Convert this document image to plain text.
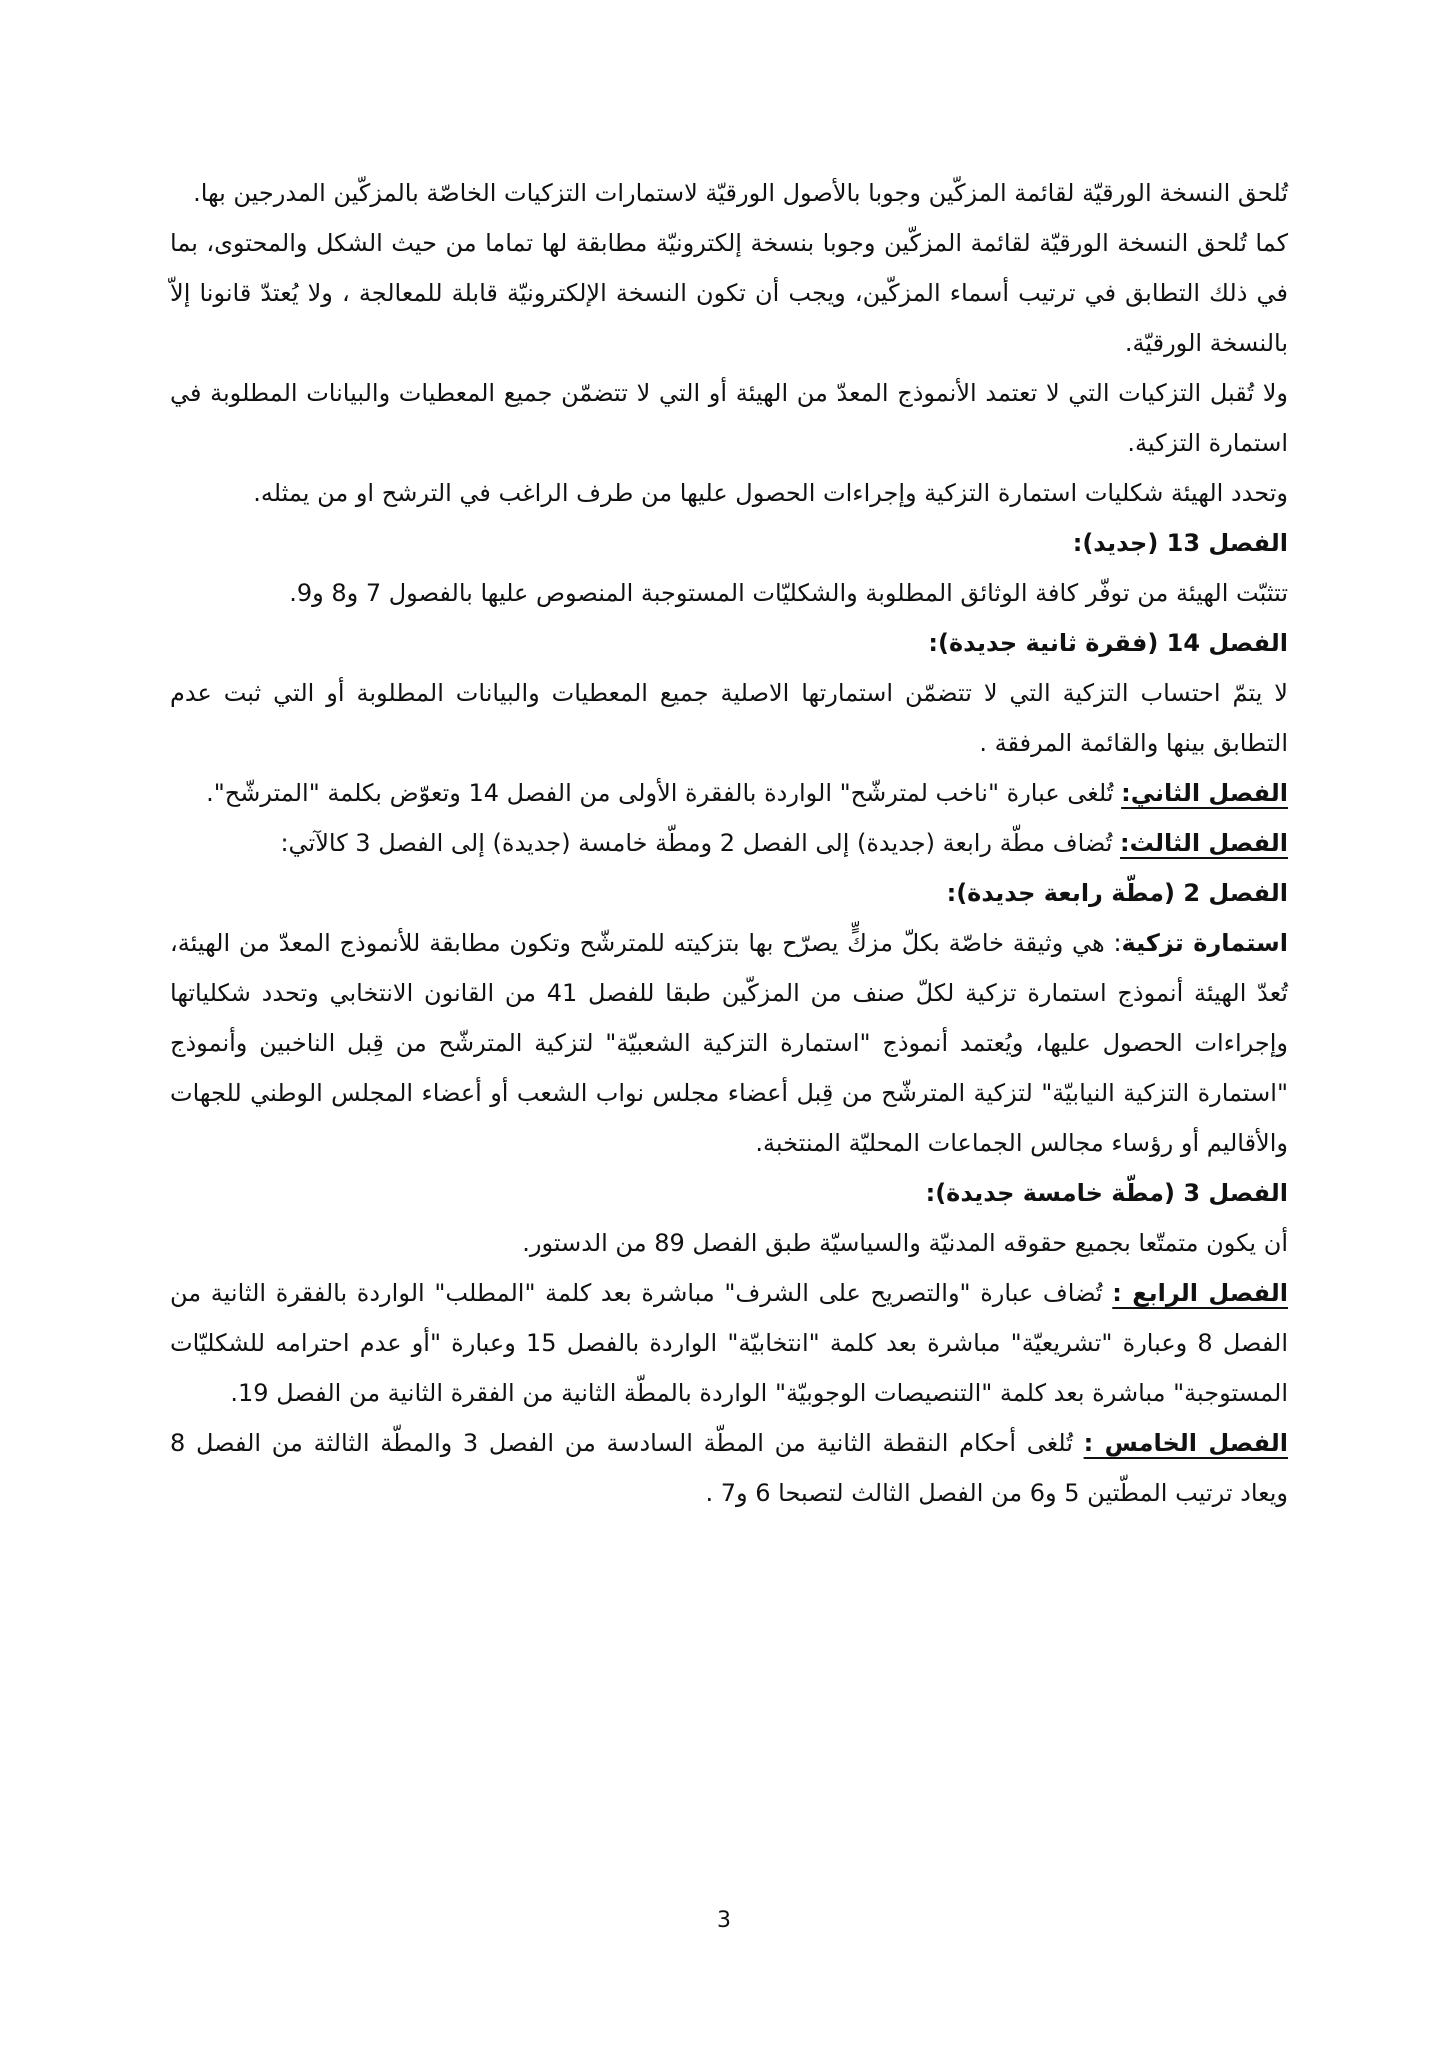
تُلحق النسخة الورقيّة لقائمة المزكّين وجوبا بالأصول الورقيّة لاستمارات التزكيات الخاصّة بالمزكّين المدرجين بها.

كما تُلحق النسخة الورقيّة لقائمة المزكّين وجوبا بنسخة إلكترونيّة مطابقة لها تماما من حيث الشكل والمحتوى، بما في ذلك التطابق في ترتيب أسماء المزكّين، ويجب أن تكون النسخة الإلكترونيّة قابلة للمعالجة ، ولا يُعتدّ قانونا إلاّ بالنسخة الورقيّة.

ولا تُقبل التزكيات التي لا تعتمد الأنموذج المعدّ من الهيئة أو التي لا تتضمّن جميع المعطيات والبيانات المطلوبة في استمارة التزكية.

وتحدد الهيئة شكليات استمارة التزكية وإجراءات الحصول عليها من طرف الراغب في الترشح او من يمثله.

الفصل 13 (جديد):

تتثبّت الهيئة من توفّر كافة الوثائق المطلوبة والشكليّات المستوجبة المنصوص عليها بالفصول 7 و8 و9.

الفصل 14 (فقرة ثانية جديدة):

لا يتمّ احتساب التزكية التي لا تتضمّن استمارتها الاصلية جميع المعطيات والبيانات المطلوبة أو التي ثبت عدم التطابق بينها والقائمة المرفقة .

الفصل الثاني: تُلغى عبارة "ناخب لمترشّح" الواردة بالفقرة الأولى من الفصل 14 وتعوّض بكلمة "المترشّح".

الفصل الثالث: تُضاف مطّة رابعة (جديدة) إلى الفصل 2 ومطّة خامسة (جديدة) إلى الفصل 3 كالآتي:

الفصل 2 (مطّة رابعة جديدة):

استمارة تزكية: هي وثيقة خاصّة بكلّ مزكٍّ يصرّح بها بتزكيته للمترشّح وتكون مطابقة للأنموذج المعدّ من الهيئة، تُعدّ الهيئة أنموذج استمارة تزكية لكلّ صنف من المزكّين طبقا للفصل 41 من القانون الانتخابي وتحدد شكلياتها وإجراءات الحصول عليها، ويُعتمد أنموذج "استمارة التزكية الشعبيّة" لتزكية المترشّح من قِبل الناخبين وأنموذج "استمارة التزكية النيابيّة" لتزكية المترشّح من قِبل أعضاء مجلس نواب الشعب أو أعضاء المجلس الوطني للجهات والأقاليم أو رؤساء مجالس الجماعات المحليّة المنتخبة.

الفصل 3 (مطّة خامسة جديدة):

أن يكون متمتّعا بجميع حقوقه المدنيّة والسياسيّة طبق الفصل 89 من الدستور.

الفصل الرابع : تُضاف عبارة "والتصريح على الشرف" مباشرة بعد كلمة "المطلب" الواردة بالفقرة الثانية من الفصل 8 وعبارة "تشريعيّة" مباشرة بعد كلمة "انتخابيّة" الواردة بالفصل 15 وعبارة "أو عدم احترامه للشكليّات المستوجبة" مباشرة بعد كلمة "التنصيصات الوجوبيّة" الواردة بالمطّة الثانية من الفقرة الثانية من الفصل 19.

الفصل الخامس : تُلغى أحكام النقطة الثانية من المطّة السادسة من الفصل 3 والمطّة الثالثة من الفصل 8 ويعاد ترتيب المطّتين 5 و6 من الفصل الثالث لتصبحا 6 و7 .

3
